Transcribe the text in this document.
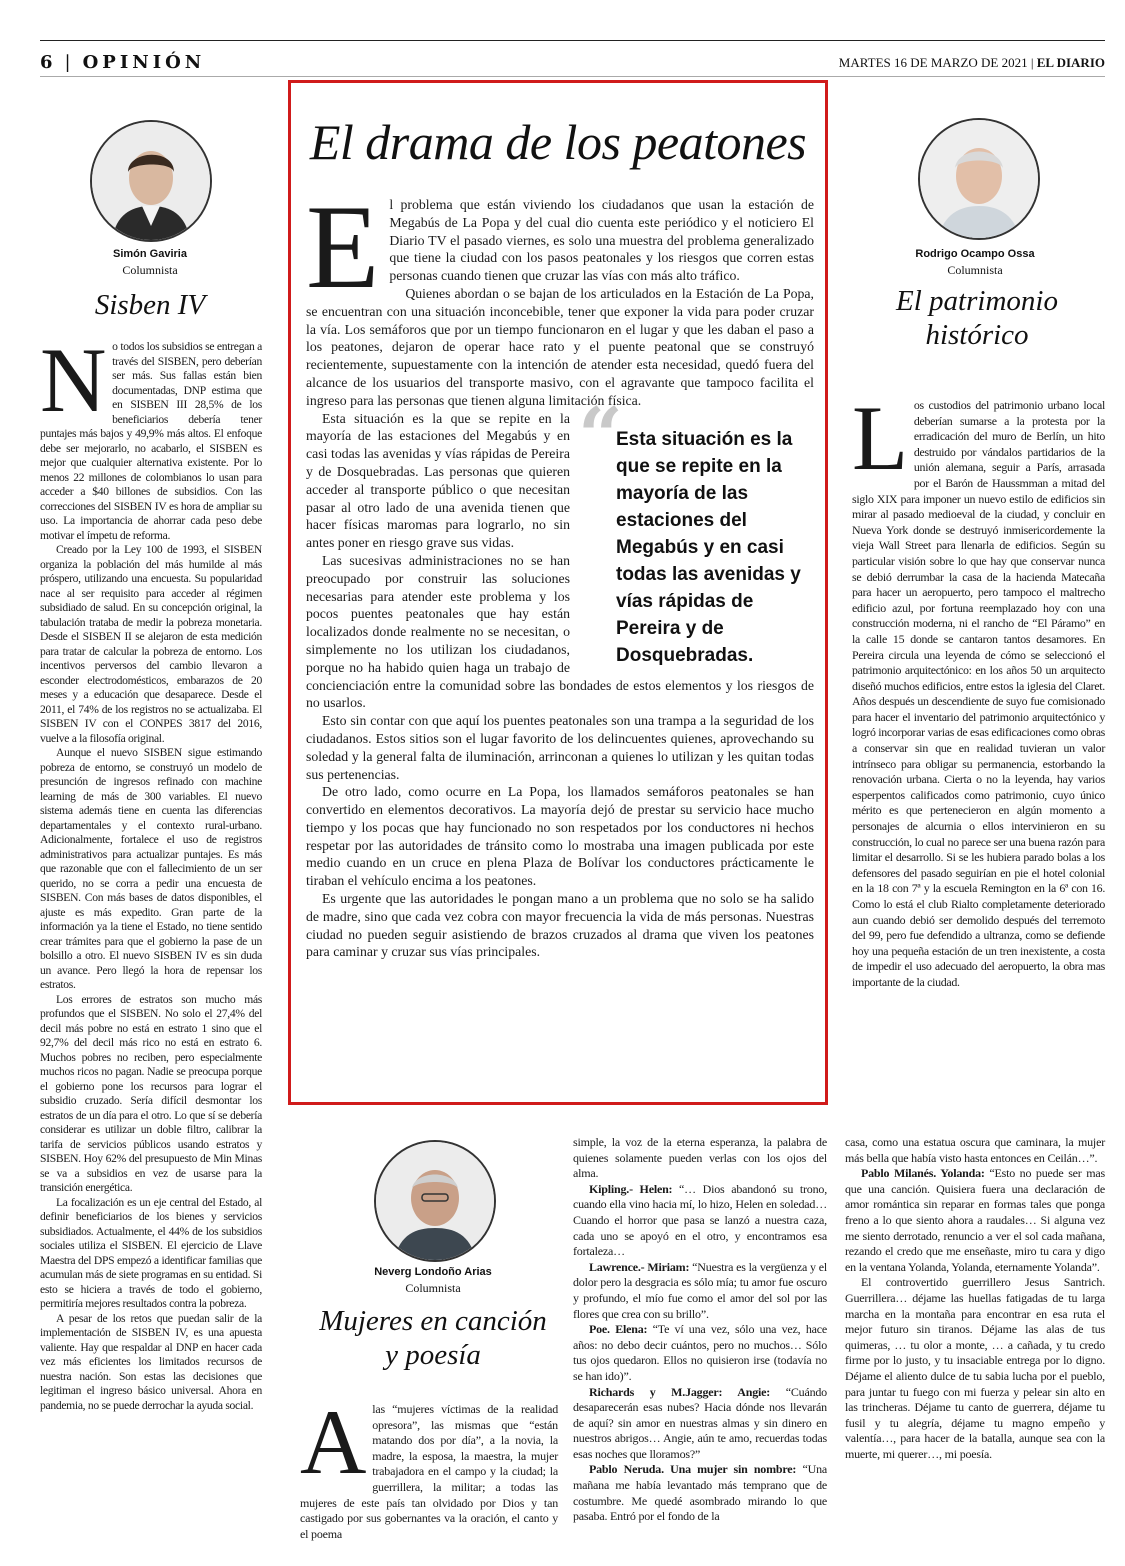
6 | OPINIÓN	MARTES 16 DE MARZO DE 2021 | EL DIARIO
Simón Gaviria
Columnista
Sisben IV
N o todos los subsidios se entregan a través del SISBEN, pero deberían ser más. Sus fallas están bien documentadas, DNP estima que en SISBEN III 28,5% de los beneficiarios debería tener puntajes más bajos y 49,9% más altos. El enfoque debe ser mejorarlo, no acabarlo, el SISBEN es mejor que cualquier alternativa existente. Por lo menos 22 millones de colombianos lo usan para acceder a $40 billones de subsidios. Con las correcciones del SISBEN IV es hora de ampliar su uso. La importancia de ahorrar cada peso debe motivar el ímpetu de reforma.

Creado por la Ley 100 de 1993, el SISBEN organiza la población del más humilde al más próspero, utilizando una encuesta. Su popularidad nace al ser requisito para acceder al régimen subsidiado de salud. En su concepción original, la tabulación trataba de medir la pobreza monetaria. Desde el SISBEN II se alejaron de esta medición para tratar de calcular la pobreza de entorno. Los incentivos perversos del cambio llevaron a esconder electrodomésticos, embarazos de 20 meses y a educación que desaparece. Desde el 2011, el 74% de los registros no se actualizaba. El SISBEN IV con el CONPES 3817 del 2016, vuelve a la filosofía original.

Aunque el nuevo SISBEN sigue estimando pobreza de entorno, se construyó un modelo de presunción de ingresos refinado con machine learning de más de 300 variables. El nuevo sistema además tiene en cuenta las diferencias departamentales y el contexto rural-urbano. Adicionalmente, fortalece el uso de registros administrativos para actualizar puntajes. Es más que razonable que con el fallecimiento de un ser querido, no se corra a pedir una encuesta de SISBEN. Con más bases de datos disponibles, el ajuste es más expedito. Gran parte de la información ya la tiene el Estado, no tiene sentido crear trámites para que el gobierno la pase de un bolsillo a otro. El nuevo SISBEN IV es sin duda un avance. Pero llegó la hora de repensar los estratos.

Los errores de estratos son mucho más profundos que el SISBEN. No solo el 27,4% del decil más pobre no está en estrato 1 sino que el 92,7% del decil más rico no está en estrato 6. Muchos pobres no reciben, pero especialmente muchos ricos no pagan. Nadie se preocupa porque el gobierno pone los recursos para lograr el subsidio cruzado. Sería difícil desmontar los estratos de un día para el otro. Lo que sí se debería considerar es utilizar un doble filtro, calibrar la tarifa de servicios públicos usando estratos y SISBEN. Hoy 62% del presupuesto de Min Minas se va a subsidios en vez de usarse para la transición energética.

La focalización es un eje central del Estado, al definir beneficiarios de los bienes y servicios subsidiados. Actualmente, el 44% de los subsidios sociales utiliza el SISBEN. El ejercicio de Llave Maestra del DPS empezó a identificar familias que acumulan más de siete programas en su entidad. Si esto se hiciera a través de todo el gobierno, permitiría mejores resultados contra la pobreza.

A pesar de los retos que puedan salir de la implementación de SISBEN IV, es una apuesta valiente. Hay que respaldar al DNP en hacer cada vez más eficientes los limitados recursos de nuestra nación. Son estas las decisiones que legitiman el ingreso básico universal. Ahora en pandemia, no se puede derrochar la ayuda social.

El drama de los peatones
E l problema que están viviendo los ciudadanos que usan la estación de Megabús de La Popa y del cual dio cuenta este periódico y el noticiero El Diario TV el pasado viernes, es solo una muestra del problema generalizado que tiene la ciudad con los pasos peatonales y los riesgos que corren estas personas cuando tienen que cruzar las vías con más alto tráfico.

Quienes abordan o se bajan de los articulados en la Estación de La Popa, se encuentran con una situación inconcebible, tener que exponer la vida para poder cruzar la vía. Los semáforos que por un tiempo funcionaron en el lugar y que les daban el paso a los peatones, dejaron de operar hace rato y el puente peatonal que se construyó recientemente, supuestamente con la intención de atender esta necesidad, quedó fuera del alcance de los usuarios del transporte masivo, con el agravante que tampoco facilita el ingreso para las personas que tienen alguna limitación física.

“

Esta situación es la que se repite en la mayoría de las estaciones del Megabús y en casi todas las avenidas y vías rápidas de Pereira y de Dosquebradas.

Esta situación es la que se repite en la mayoría de las estaciones del Megabús y en casi todas las avenidas y vías rápidas de Pereira y de Dosquebradas. Las personas que quieren acceder al transporte público o que necesitan pasar al otro lado de una avenida tienen que hacer físicas maromas para lograrlo, no sin antes poner en riesgo grave sus vidas.

Las sucesivas administraciones no se han preocupado por construir las soluciones necesarias para atender este problema y los pocos puentes peatonales que hay están localizados donde realmente no se necesitan, o simplemente no los utilizan los ciudadanos, porque no ha habido quien haga un trabajo de concienciación entre la comunidad sobre las bondades de estos elementos y los riesgos de no usarlos.

Esto sin contar con que aquí los puentes peatonales son una trampa a la seguridad de los ciudadanos. Estos sitios son el lugar favorito de los delincuentes quienes, aprovechando su soledad y la general falta de iluminación, arrinconan a quienes lo utilizan y les quitan todas sus pertenencias.

De otro lado, como ocurre en La Popa, los llamados semáforos peatonales se han convertido en elementos decorativos. La mayoría dejó de prestar su servicio hace mucho tiempo y los pocas que hay funcionado no son respetados por los conductores ni hechos respetar por las autoridades de tránsito como lo mostraba una imagen publicada por este medio cuando en un cruce en plena Plaza de Bolívar los conductores prácticamente le tiraban el vehículo encima a los peatones.

Es urgente que las autoridades le pongan mano a un problema que no solo se ha salido de madre, sino que cada vez cobra con mayor frecuencia la vida de más personas. Nuestras ciudad no pueden seguir asistiendo de brazos cruzados al drama que viven los peatones para caminar y cruzar sus vías principales.

Rodrigo Ocampo Ossa
Columnista
El patrimonio
histórico
L os custodios del patrimonio urbano local deberían sumarse a la protesta por la erradicación del muro de Berlín, un hito destruido por vándalos partidarios de la unión alemana, seguir a París, arrasada por el Barón de Haussmman a mitad del siglo XIX para imponer un nuevo estilo de edificios sin mirar al pasado medioeval de la ciudad, y concluir en Nueva York donde se destruyó inmisericordemente la vieja Wall Street para llenarla de edificios. Según su particular visión sobre lo que hay que conservar nunca se debió derrumbar la casa de la hacienda Matecaña para hacer un aeropuerto, pero tampoco el maltrecho edificio azul, por fortuna reemplazado hoy con una construcción moderna, ni el rancho de “El Páramo” en la calle 15 donde se cantaron tantos desamores. En Pereira circula una leyenda de cómo se seleccionó el patrimonio arquitectónico: en los años 50 un arquitecto diseñó muchos edificios, entre estos la iglesia del Claret. Años después un descendiente de suyo fue comisionado para hacer el inventario del patrimonio arquitectónico y logró incorporar varias de esas edificaciones como obras a conservar sin que en realidad tuvieran un valor intrínseco para obligar su permanencia, estorbando la renovación urbana. Cierta o no la leyenda, hay varios esperpentos calificados como patrimonio, cuyo único mérito es que pertenecieron en algún momento a personajes de alcurnia o ellos intervinieron en su construcción, lo cual no parece ser una buena razón para limitar el desarrollo. Si se les hubiera parado bolas a los defensores del pasado seguirían en pie el hotel colonial en la 18 con 7ª y la escuela Remington en la 6ª con 16. Como lo está el club Rialto completamente deteriorado aun cuando debió ser demolido después del terremoto del 99, pero fue defendido a ultranza, como se defiende hoy una pequeña estación de un tren inexistente, a costa de impedir el uso adecuado del aeropuerto, la obra mas importante de la ciudad.

Neverg Londoño Arias
Columnista
Mujeres en canción
y poesía
A las “mujeres víctimas de la realidad opresora”, las mismas que “están matando dos por día”, a la novia, la madre, la esposa, la maestra, la mujer trabajadora en el campo y la ciudad; la guerrillera, la militar; a todas las mujeres de este país tan olvidado por Dios y tan castigado por sus gobernantes va la oración, el canto y el poema

simple, la voz de la eterna esperanza, la palabra de quienes solamente pueden verlas con los ojos del alma.

Kipling.- Helen: “… Dios abandonó su trono, cuando ella vino hacia mí, lo hizo, Helen en soledad… Cuando el horror que pasa se lanzó a nuestra caza, cada uno se apoyó en el otro, y encontramos esa fortaleza…

Lawrence.- Miriam: “Nuestra es la vergüenza y el dolor pero la desgracia es sólo mía; tu amor fue oscuro y profundo, el mío fue como el amor del sol por las flores que crea con su brillo”.

Poe. Elena: “Te ví una vez, sólo una vez, hace años: no debo decir cuántos, pero no muchos… Sólo tus ojos quedaron. Ellos no quisieron irse (todavía no se han ido)”.

Richards y M.Jagger: Angie: “Cuándo desaparecerán esas nubes? Hacia dónde nos llevarán de aquí? sin amor en nuestras almas y sin dinero en nuestros abrigos… Angie, aún te amo, recuerdas todas esas noches que lloramos?”

Pablo Neruda. Una mujer sin nombre: “Una mañana me había levantado más temprano que de costumbre. Me quedé asombrado mirando lo que pasaba. Entró por el fondo de la

casa, como una estatua oscura que caminara, la mujer más bella que había visto hasta entonces en Ceilán…”.

Pablo Milanés. Yolanda: “Esto no puede ser mas que una canción. Quisiera fuera una declaración de amor romántica sin reparar en formas tales que ponga freno a lo que siento ahora a raudales… Si alguna vez me siento derrotado, renuncio a ver el sol cada mañana, rezando el credo que me enseñaste, miro tu cara y digo en la ventana Yolanda, Yolanda, eternamente Yolanda”.

El controvertido guerrillero Jesus Santrich. Guerrillera… déjame las huellas fatigadas de tu larga marcha en la montaña para encontrar en esa ruta el mejor futuro sin tiranos. Déjame las alas de tus quimeras, … tu olor a monte, … a cañada, y tu credo firme por lo justo, y tu insaciable entrega por lo digno. Déjame el aliento dulce de tu sabia lucha por el pueblo, para juntar tu fuego con mi fuerza y pelear sin alto en las trincheras. Déjame tu canto de guerrera, déjame tu fusil y tu alegría, déjame tu magno empeño y valentía…, para hacer de la batalla, aunque sea con la muerte, mi querer…, mi poesía.
